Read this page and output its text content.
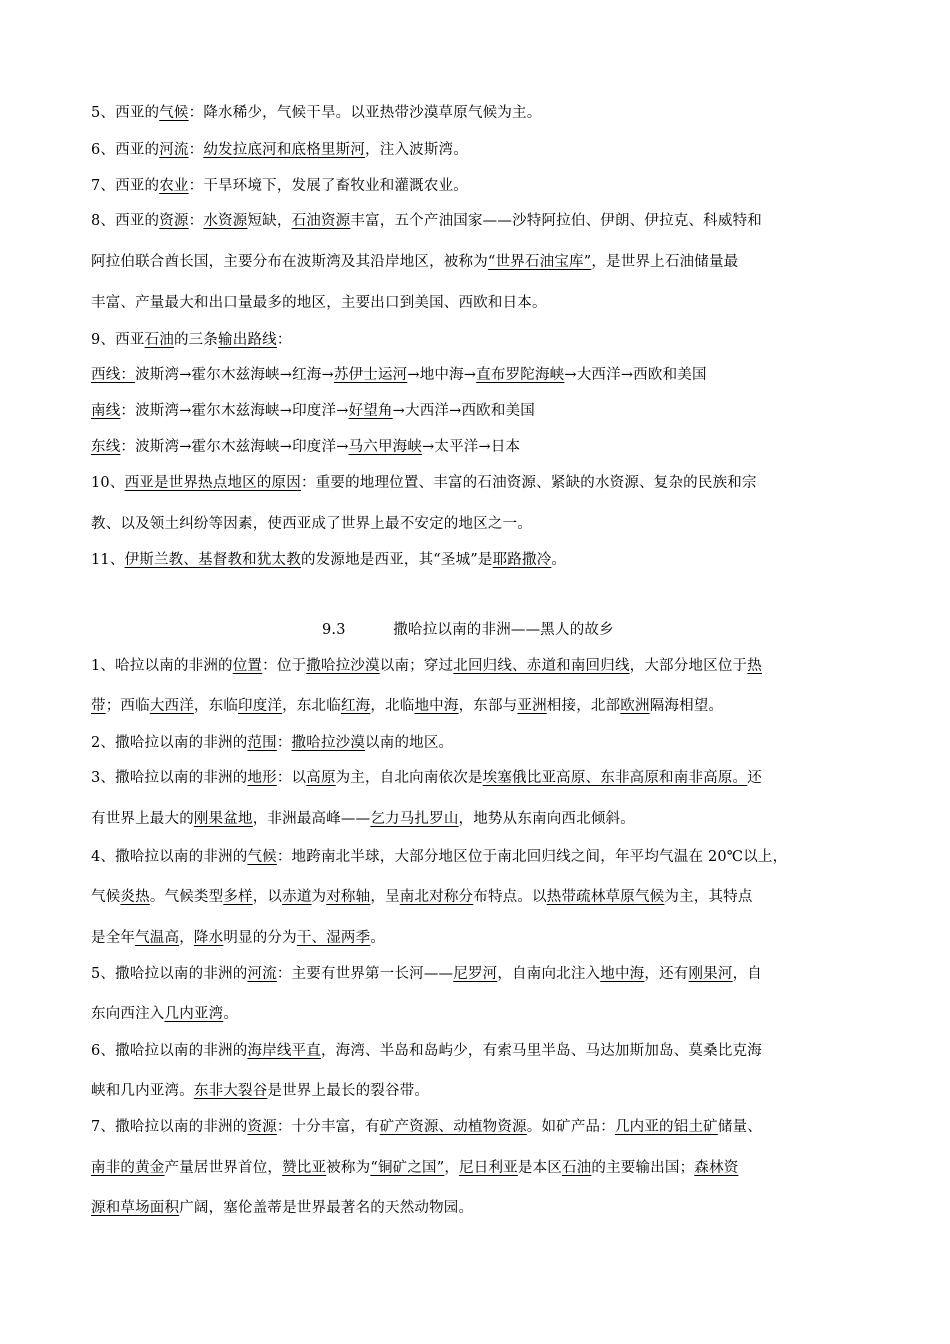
5、西亚的气候：降水稀少，气候干旱。以亚热带沙漠草原气候为主。
6、西亚的河流：幼发拉底河和底格里斯河，注入波斯湾。
7、西亚的农业：干旱环境下，发展了畜牧业和灌溉农业。
8、西亚的资源：水资源短缺，石油资源丰富，五个产油国家——沙特阿拉伯、伊朗、伊拉克、科威特和
阿拉伯联合酋长国，主要分布在波斯湾及其沿岸地区，被称为“世界石油宝库”，是世界上石油储量最
丰富、产量最大和出口量最多的地区，主要出口到美国、西欧和日本。
9、西亚石油的三条输出路线：
西线：波斯湾→霍尔木兹海峡→红海→苏伊士运河→地中海→直布罗陀海峡→大西洋→西欧和美国
南线：波斯湾→霍尔木兹海峡→印度洋→好望角→大西洋→西欧和美国
东线：波斯湾→霍尔木兹海峡→印度洋→马六甲海峡→太平洋→日本
10、西亚是世界热点地区的原因：重要的地理位置、丰富的石油资源、紧缺的水资源、复杂的民族和宗
教、以及领土纠纷等因素，使西亚成了世界上最不安定的地区之一。
11、伊斯兰教、基督教和犹太教的发源地是西亚，其“圣城”是耶路撒冷。
9.3	撒哈拉以南的非洲——黑人的故乡
1、哈拉以南的非洲的位置：位于撒哈拉沙漠以南；穿过北回归线、赤道和南回归线，大部分地区位于热
带；西临大西洋，东临印度洋，东北临红海，北临地中海，东部与亚洲相接，北部欧洲隔海相望。
2、撒哈拉以南的非洲的范围：撒哈拉沙漠以南的地区。
3、撒哈拉以南的非洲的地形：以高原为主，自北向南依次是埃塞俄比亚高原、东非高原和南非高原。还
有世界上最大的刚果盆地，非洲最高峰——乞力马扎罗山，地势从东南向西北倾斜。
4、撒哈拉以南的非洲的气候：地跨南北半球，大部分地区位于南北回归线之间，年平均气温在 20℃以上，
气候炎热。气候类型多样，以赤道为对称轴，呈南北对称分布特点。以热带疏林草原气候为主，其特点
是全年气温高，降水明显的分为干、湿两季。
5、撒哈拉以南的非洲的河流：主要有世界第一长河——尼罗河，自南向北注入地中海，还有刚果河，自
东向西注入几内亚湾。
6、撒哈拉以南的非洲的海岸线平直，海湾、半岛和岛屿少，有索马里半岛、马达加斯加岛、莫桑比克海
峡和几内亚湾。东非大裂谷是世界上最长的裂谷带。
7、撒哈拉以南的非洲的资源：十分丰富，有矿产资源、动植物资源。如矿产品：几内亚的铝土矿储量、
南非的黄金产量居世界首位，赞比亚被称为“铜矿之国”，尼日利亚是本区石油的主要输出国；森林资
源和草场面积广阔，塞伦盖蒂是世界最著名的天然动物园。
